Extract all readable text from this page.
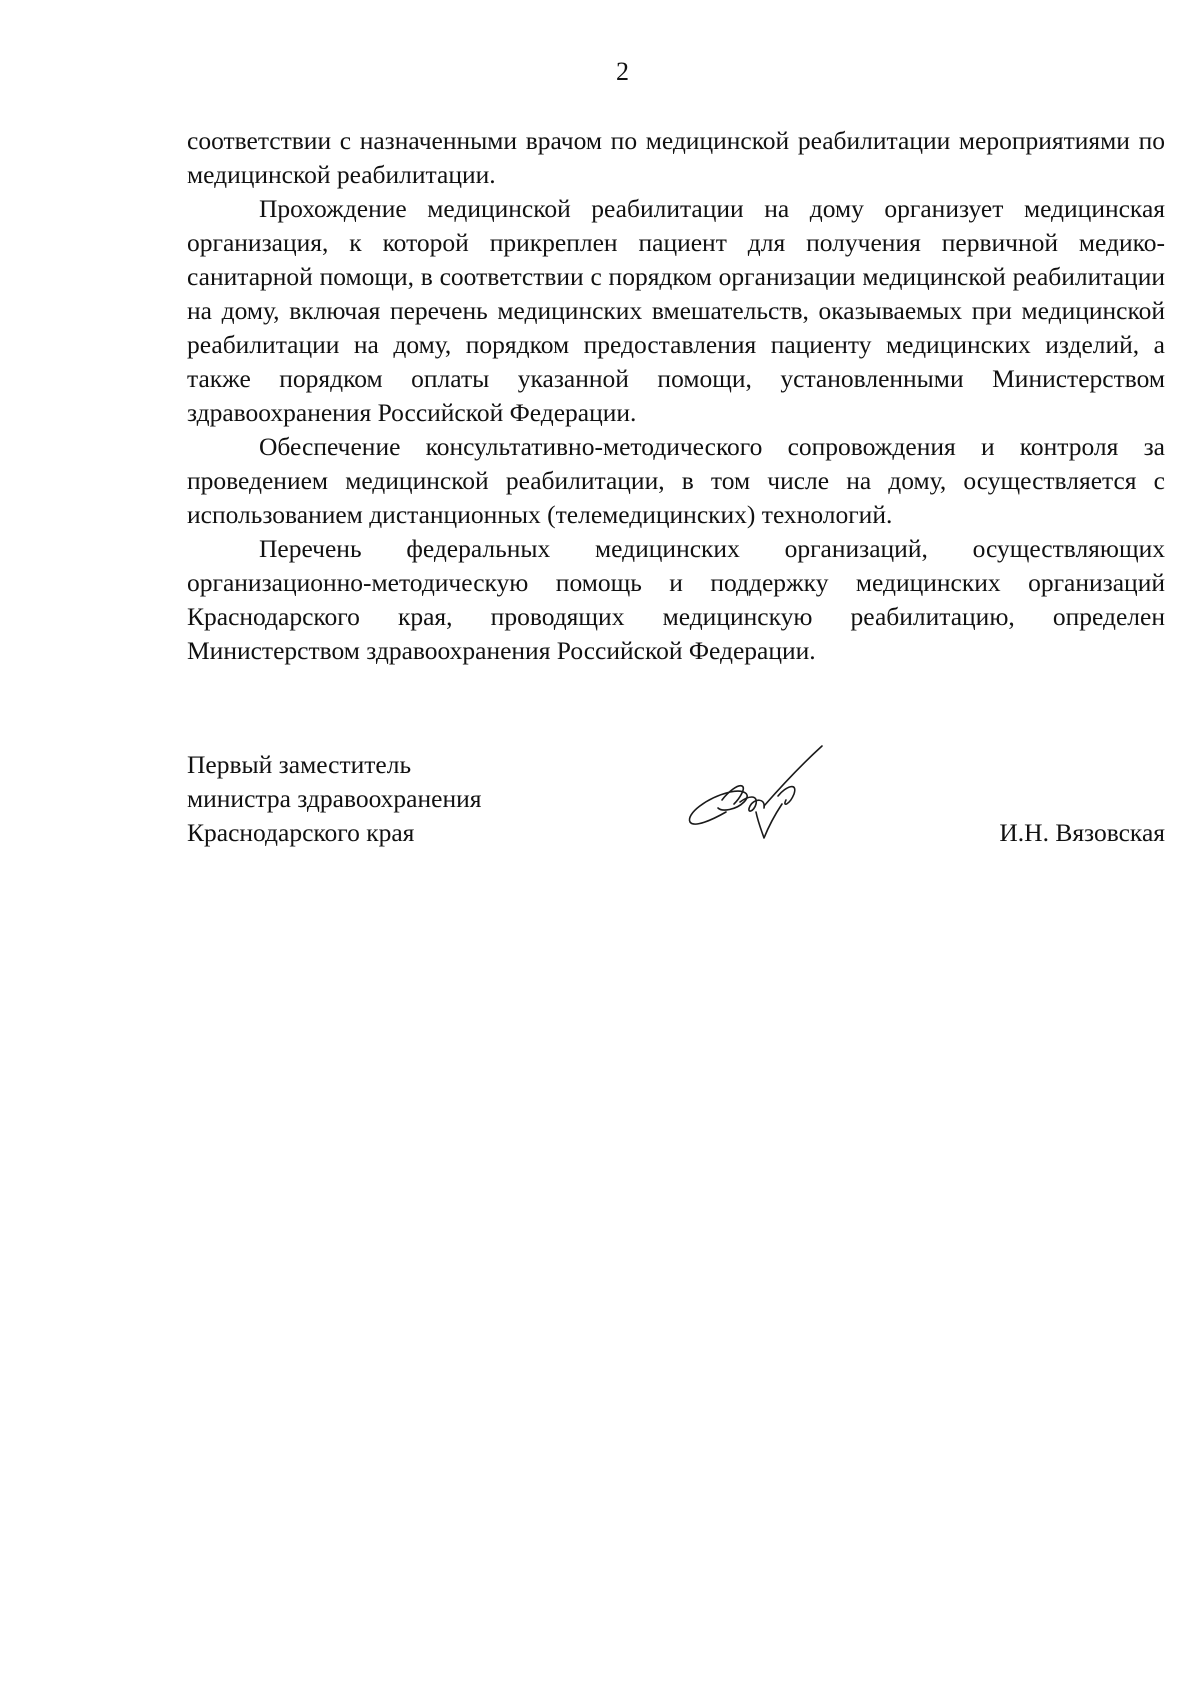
2

соответствии с назначенными врачом по медицинской реабилитации мероприятиями по медицинской реабилитации.

Прохождение медицинской реабилитации на дому организует медицинская организация, к которой прикреплен пациент для получения первичной медико-санитарной помощи, в соответствии с порядком организации медицинской реабилитации на дому, включая перечень медицинских вмешательств, оказываемых при медицинской реабилитации на дому, порядком предоставления пациенту медицинских изделий, а также порядком оплаты указанной помощи, установленными Министерством здравоохранения Российской Федерации.

Обеспечение консультативно-методического сопровождения и контроля за проведением медицинской реабилитации, в том числе на дому, осуществляется с использованием дистанционных (телемедицинских) технологий.

Перечень федеральных медицинских организаций, осуществляющих организационно-методическую помощь и поддержку медицинских организаций Краснодарского края, проводящих медицинскую реабилитацию, определен Министерством здравоохранения Российской Федерации.

Первый заместитель
министра здравоохранения
Краснодарского края	И.Н. Вязовская
